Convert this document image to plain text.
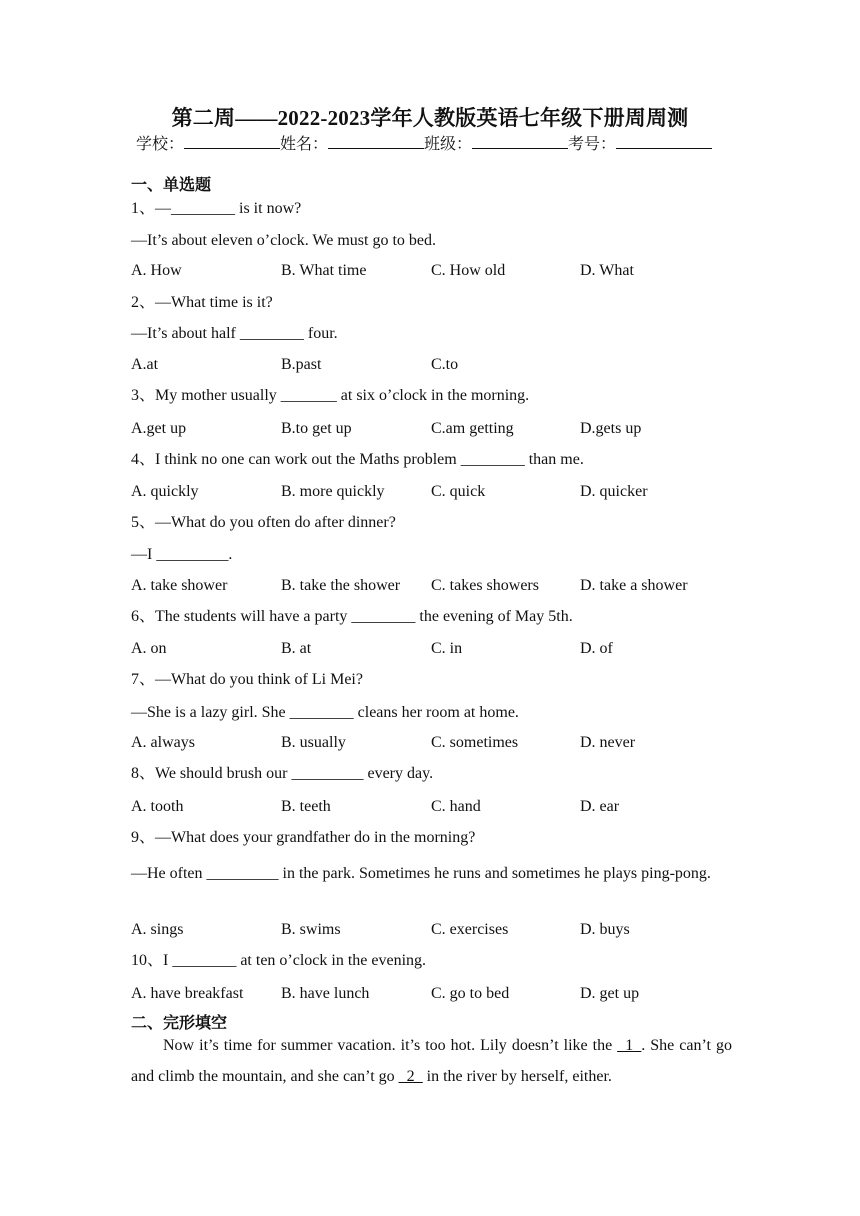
第二周——2022-2023学年人教版英语七年级下册周周测
学校：	姓名：	班级：	考号：
一、单选题
1、—________ is it now?
—It’s about eleven o’clock. We must go to bed.
A. How	B. What time	C. How old	D. What
2、—What time is it?
—It’s about half ________ four.
A.at	B.past	C.to
3、My mother usually _______ at six o’clock in the morning.
A.get up	B.to get up	C.am getting	D.gets up
4、I think no one can work out the Maths problem ________ than me.
A. quickly	B. more quickly	C. quick	D. quicker
5、—What do you often do after dinner?
—I _________.
A. take shower	B. take the shower C. takes showers	D. take a shower
6、The students will have a party ________ the evening of May 5th.
A. on	B. at	C. in	D. of
7、—What do you think of Li Mei?
—She is a lazy girl. She ________ cleans her room at home.
A. always	B. usually	C. sometimes	D. never
8、We should brush our _________ every day.
A. tooth	B. teeth	C. hand	D. ear
9、—What does your grandfather do in the morning?
—He often _________ in the park. Sometimes he runs and sometimes he plays ping-pong.
A. sings	B. swims	C. exercises	D. buys
10、I ________ at ten o’clock in the evening.
A. have breakfast B. have lunch	C. go to bed	D. get up
二、完形填空
Now it’s time for summer vacation. it’s too hot. Lily doesn’t like the _1_. She can’t go and climb the mountain, and she can’t go _2_ in the river by herself, either.
